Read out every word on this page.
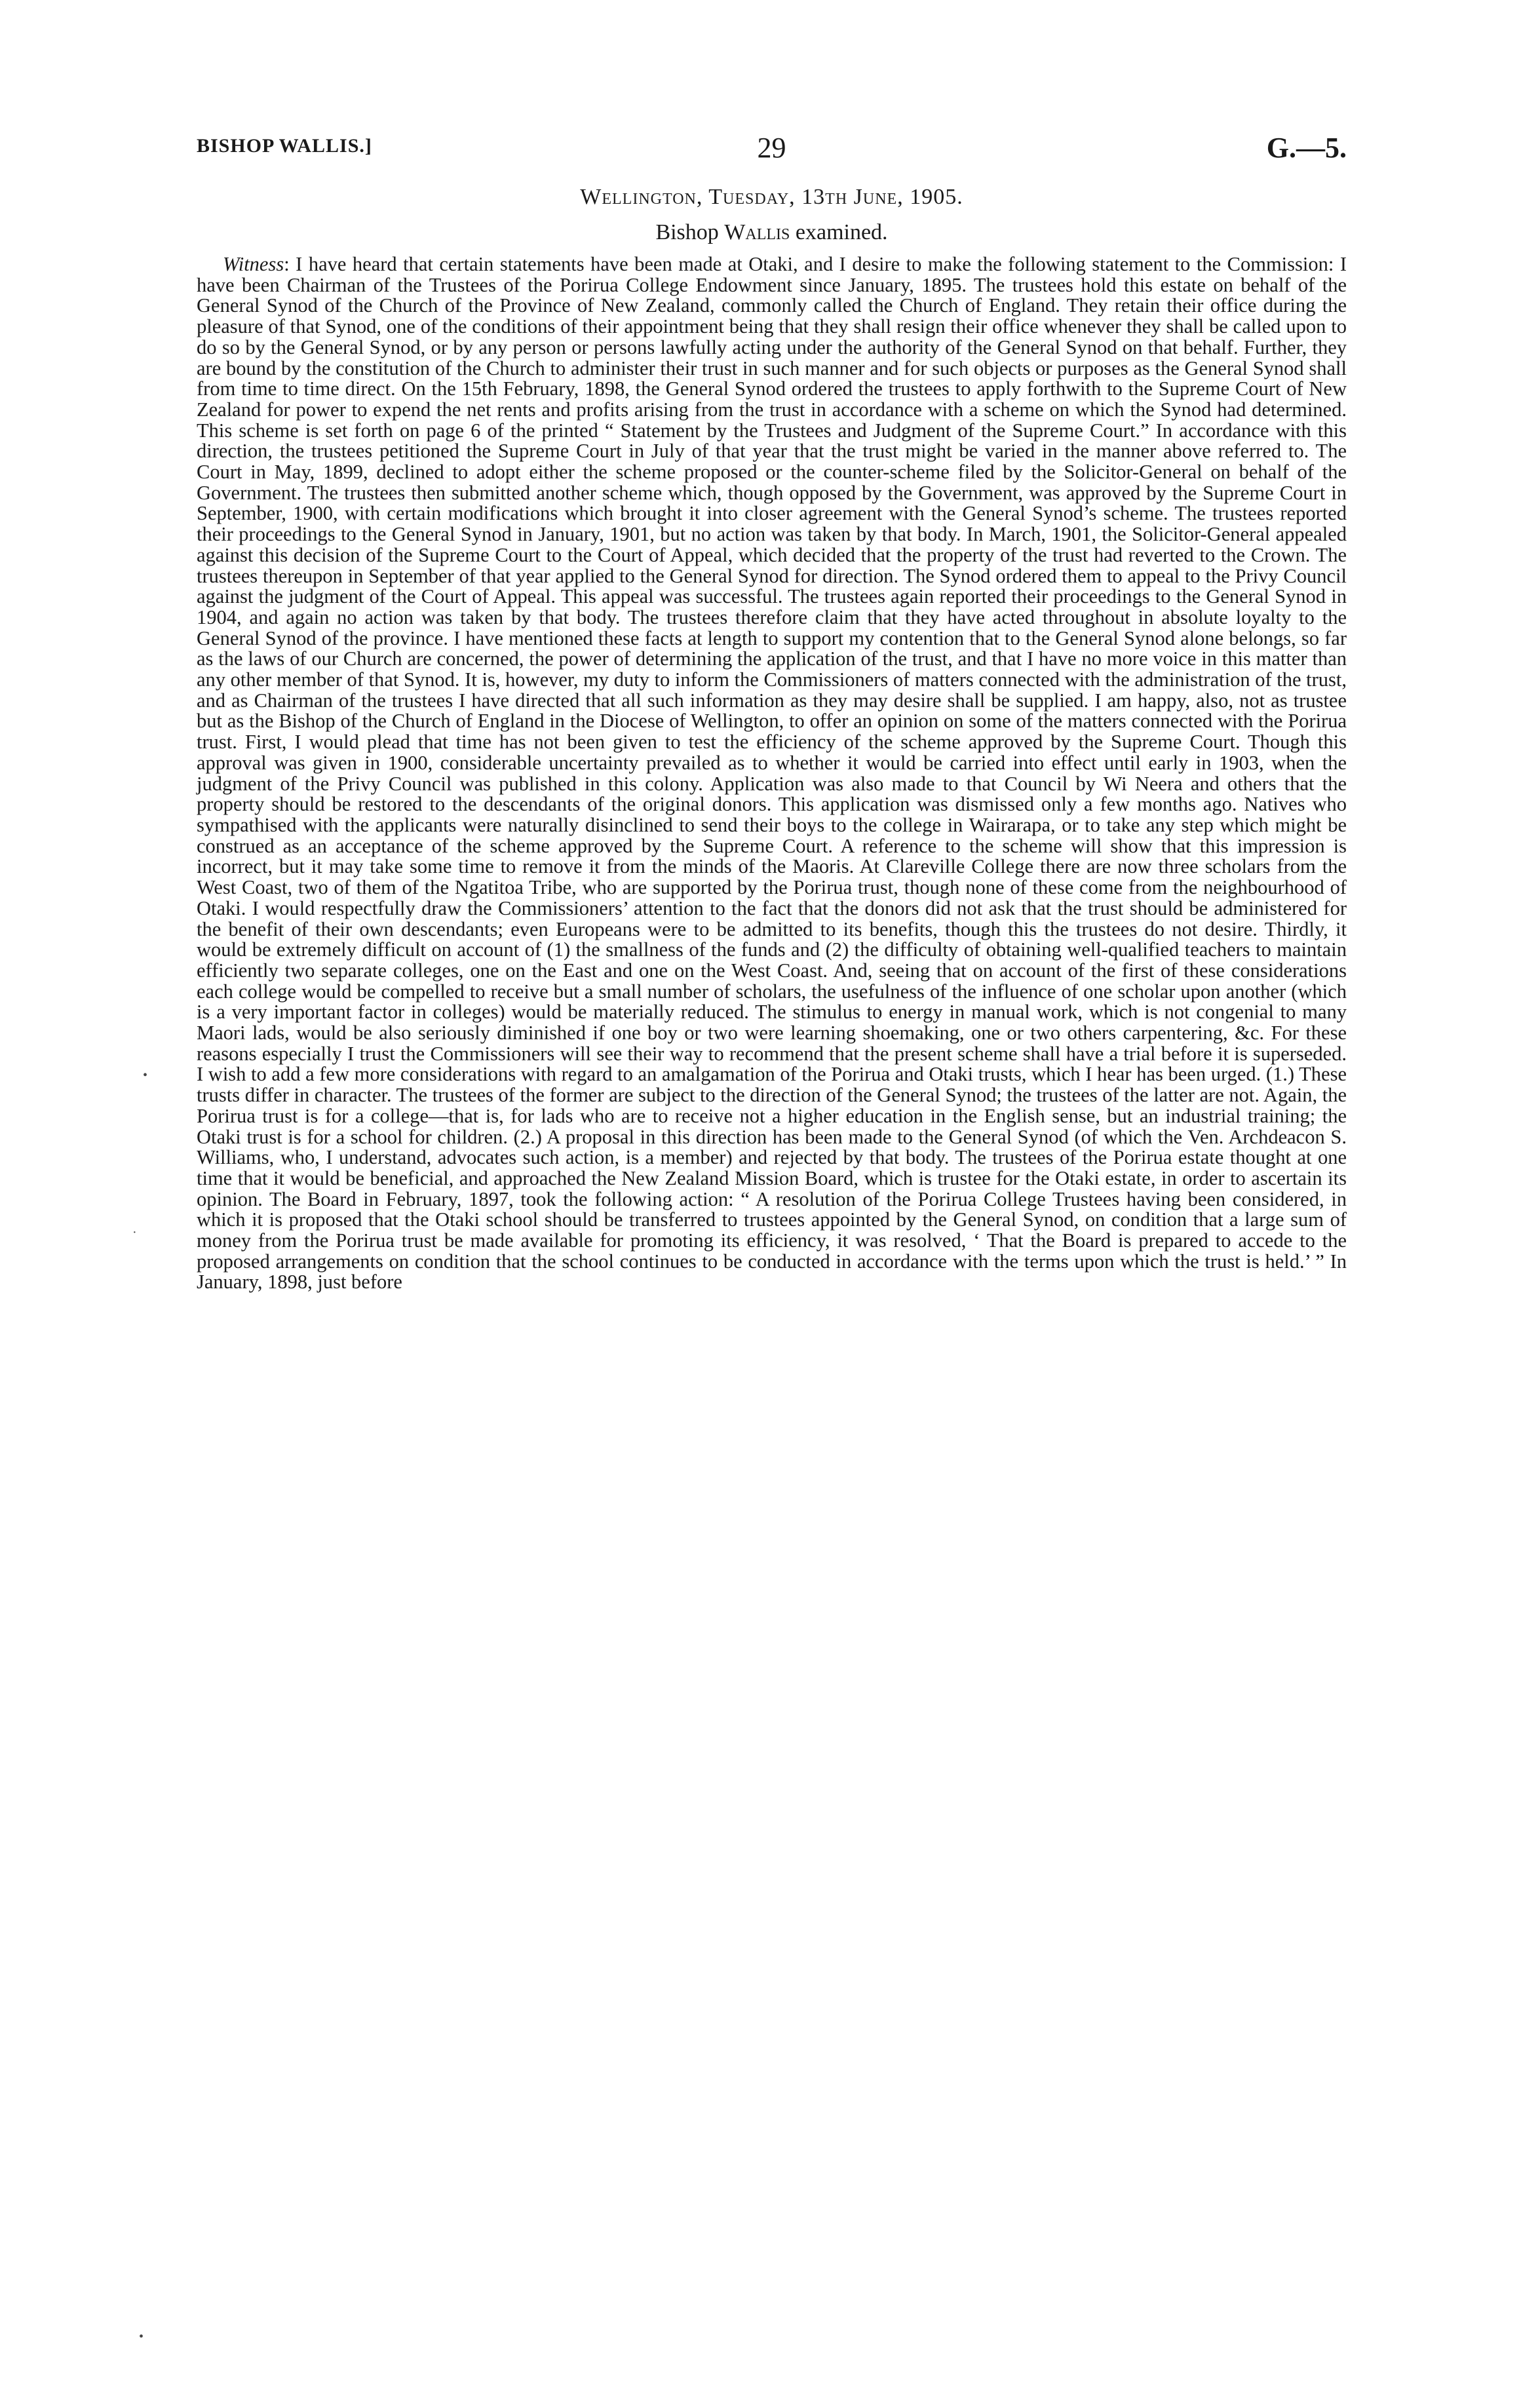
BISHOP WALLIS.]	29	G.—5.
Wellington, Tuesday, 13th June, 1905.
Bishop Wallis examined.

Witness: I have heard that certain statements have been made at Otaki, and I desire to make the following statement to the Commission: I have been Chairman of the Trustees of the Porirua College Endowment since January, 1895. The trustees hold this estate on behalf of the General Synod of the Church of the Province of New Zealand, commonly called the Church of England. They retain their office during the pleasure of that Synod, one of the conditions of their appointment being that they shall resign their office whenever they shall be called upon to do so by the General Synod, or by any person or persons lawfully acting under the authority of the General Synod on that behalf. Further, they are bound by the constitution of the Church to administer their trust in such manner and for such objects or purposes as the General Synod shall from time to time direct. On the 15th February, 1898, the General Synod ordered the trustees to apply forthwith to the Supreme Court of New Zealand for power to expend the net rents and profits arising from the trust in accordance with a scheme on which the Synod had determined. This scheme is set forth on page 6 of the printed “ Statement by the Trustees and Judgment of the Supreme Court.” In accordance with this direction, the trustees petitioned the Supreme Court in July of that year that the trust might be varied in the manner above referred to. The Court in May, 1899, declined to adopt either the scheme proposed or the counter-scheme filed by the Solicitor-General on behalf of the Government. The trustees then submitted another scheme which, though opposed by the Government, was approved by the Supreme Court in September, 1900, with certain modifications which brought it into closer agreement with the General Synod’s scheme. The trustees reported their proceedings to the General Synod in January, 1901, but no action was taken by that body. In March, 1901, the Solicitor-General appealed against this decision of the Supreme Court to the Court of Appeal, which decided that the property of the trust had reverted to the Crown. The trustees thereupon in September of that year applied to the General Synod for direction. The Synod ordered them to appeal to the Privy Council against the judgment of the Court of Appeal. This appeal was successful. The trustees again reported their proceedings to the General Synod in 1904, and again no action was taken by that body. The trustees therefore claim that they have acted throughout in absolute loyalty to the General Synod of the province. I have mentioned these facts at length to support my contention that to the General Synod alone belongs, so far as the laws of our Church are concerned, the power of determining the application of the trust, and that I have no more voice in this matter than any other member of that Synod. It is, however, my duty to inform the Commissioners of matters connected with the administration of the trust, and as Chairman of the trustees I have directed that all such information as they may desire shall be supplied. I am happy, also, not as trustee but as the Bishop of the Church of England in the Diocese of Wellington, to offer an opinion on some of the matters connected with the Porirua trust. First, I would plead that time has not been given to test the efficiency of the scheme approved by the Supreme Court. Though this approval was given in 1900, considerable uncertainty prevailed as to whether it would be carried into effect until early in 1903, when the judgment of the Privy Council was published in this colony. Application was also made to that Council by Wi Neera and others that the property should be restored to the descendants of the original donors. This application was dismissed only a few months ago. Natives who sympathised with the applicants were naturally disinclined to send their boys to the college in Wairarapa, or to take any step which might be construed as an acceptance of the scheme approved by the Supreme Court. A reference to the scheme will show that this impression is incorrect, but it may take some time to remove it from the minds of the Maoris. At Clareville College there are now three scholars from the West Coast, two of them of the Ngatitoa Tribe, who are supported by the Porirua trust, though none of these come from the neighbourhood of Otaki. I would respectfully draw the Commissioners’ attention to the fact that the donors did not ask that the trust should be administered for the benefit of their own descendants; even Europeans were to be admitted to its benefits, though this the trustees do not desire. Thirdly, it would be extremely difficult on account of (1) the smallness of the funds and (2) the difficulty of obtaining well-qualified teachers to maintain efficiently two separate colleges, one on the East and one on the West Coast. And, seeing that on account of the first of these considerations each college would be compelled to receive but a small number of scholars, the usefulness of the influence of one scholar upon another (which is a very important factor in colleges) would be materially reduced. The stimulus to energy in manual work, which is not congenial to many Maori lads, would be also seriously diminished if one boy or two were learning shoemaking, one or two others carpentering, &c. For these reasons especially I trust the Commissioners will see their way to recommend that the present scheme shall have a trial before it is superseded. I wish to add a few more considerations with regard to an amalgamation of the Porirua and Otaki trusts, which I hear has been urged. (1.) These trusts differ in character. The trustees of the former are subject to the direction of the General Synod; the trustees of the latter are not. Again, the Porirua trust is for a college—that is, for lads who are to receive not a higher education in the English sense, but an industrial training; the Otaki trust is for a school for children. (2.) A proposal in this direction has been made to the General Synod (of which the Ven. Archdeacon S. Williams, who, I understand, advocates such action, is a member) and rejected by that body. The trustees of the Porirua estate thought at one time that it would be beneficial, and approached the New Zealand Mission Board, which is trustee for the Otaki estate, in order to ascertain its opinion. The Board in February, 1897, took the following action: “ A resolution of the Porirua College Trustees having been considered, in which it is proposed that the Otaki school should be transferred to trustees appointed by the General Synod, on condition that a large sum of money from the Porirua trust be made available for promoting its efficiency, it was resolved, ‘ That the Board is prepared to accede to the proposed arrangements on condition that the school continues to be conducted in accordance with the terms upon which the trust is held.’ ” In January, 1898, just before

•
·
•
